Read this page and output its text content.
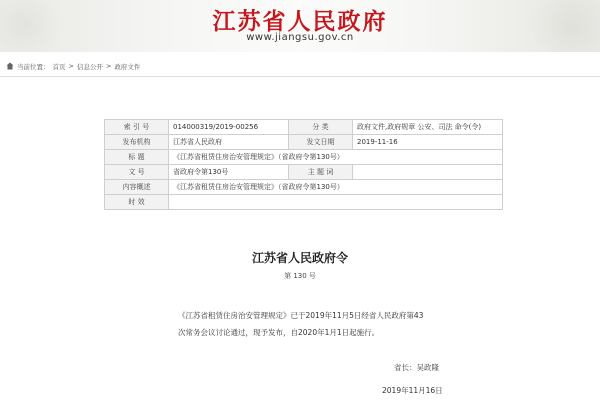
江苏省人民政府
www.jiangsu.gov.cn
当前位置： 首页 > 信息公开 > 政府文件
索 引 号	014000319/2019-00256	分 类	政府文件,政府规章 公安、司法 命令(令)
发布机构	江苏省人民政府	发文日期	2019-11-16
标 题	《江苏省租赁住房治安管理规定》（省政府令第130号）		
文 号	省政府令第130号	主 题 词	
内容概述	《江苏省租赁住房治安管理规定》（省政府令第130号）		
时 效			
江苏省人民政府令
第 130 号
《江苏省租赁住房治安管理规定》已于2019年11月5日经省人民政府第43
次常务会议讨论通过，现予发布，自2020年1月1日起施行。
省长：吴政隆
2019年11月16日
